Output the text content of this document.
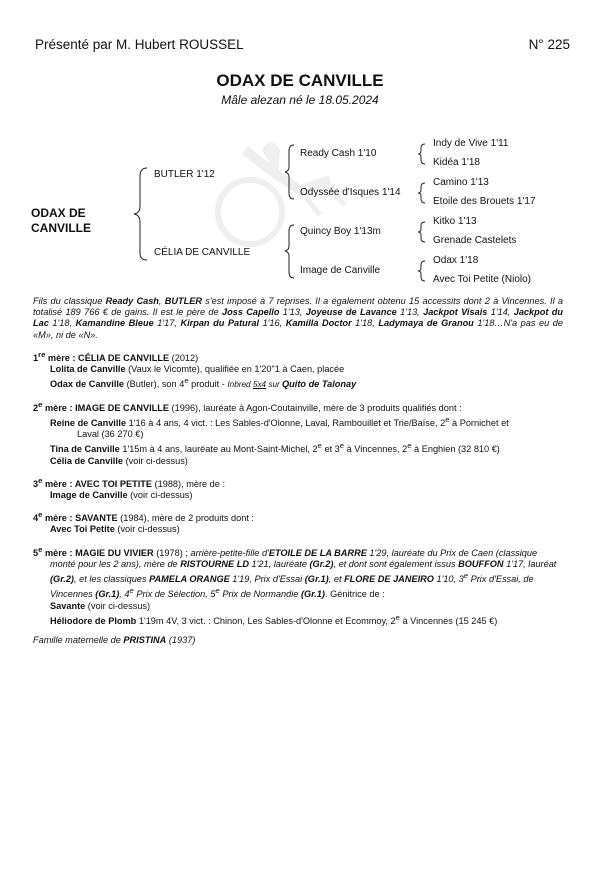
Présenté par M. Hubert ROUSSEL	N° 225
ODAX DE CANVILLE
Mâle alezan né le 18.05.2024
ODAX DE
CANVILLE
BUTLER 1'12
CÉLIA DE CANVILLE
Ready Cash 1'10
Odyssée d'Isques 1'14
Quincy Boy 1'13m
Image de Canville
Indy de Vive 1'11
Kidéa 1'18
Camino 1'13
Etoile des Brouets 1'17
Kitko 1'13
Grenade Castelets
Odax 1'18
Avec Toi Petite (Niolo)

Fils du classique Ready Cash, BUTLER s'est imposé à 7 reprises. Il a également obtenu 15 accessits dont 2 à Vincennes. Il a totalisé 189 766 € de gains. Il est le père de Joss Capello 1'13, Joyeuse de Lavance 1'13, Jackpot Visais 1'14, Jackpot du Lac 1'18, Kamandine Bleue 1'17, Kirpan du Patural 1'16, Kamilla Doctor 1'18, Ladymaya de Granou 1'18…N'a pas eu de «M», ni de «N».

1re mère : CÉLIA DE CANVILLE (2012)

Lolita de Canville (Vaux le Vicomte), qualifiée en 1'20"1 à Caen, placée

Odax de Canville (Butler), son 4e produit - Inbred 5x4 sur Quito de Talonay

2e mère : IMAGE DE CANVILLE (1996), lauréate à Agon-Coutainville, mère de 3 produits qualifiés dont :

Reine de Canville 1'16 à 4 ans, 4 vict. : Les Sables-d'Olonne, Laval, Rambouillet et Trie/Baïse, 2e à Pornichet et

Laval (36 270 €)

Tina de Canville 1'15m à 4 ans, lauréate au Mont-Saint-Michel, 2e et 3e à Vincennes, 2e à Enghien (32 810 €)

Célia de Canville (voir ci-dessus)

3e mère : AVEC TOI PETITE (1988), mère de :

Image de Canville (voir ci-dessus)

4e mère : SAVANTE (1984), mère de 2 produits dont :

Avec Toi Petite (voir ci-dessus)

5e mère : MAGIE DU VIVIER (1978) ; arrière-petite-fille d'ETOILE DE LA BARRE 1'29, lauréate du Prix de Caen (classique monté pour les 2 ans), mère de RISTOURNE LD 1'21, lauréate (Gr.2), et dont sont également issus BOUFFON 1'17, lauréat (Gr.2), et les classiques PAMELA ORANGE 1'19, Prix d'Essai (Gr.1), et FLORE DE JANEIRO 1'10, 3e Prix d'Essai, de Vincennes (Gr.1), 4e Prix de Sélection, 5e Prix de Normandie (Gr.1). Génitrice de :

Savante (voir ci-dessus)

Héliodore de Plomb 1'19m 4V, 3 vict. : Chinon, Les Sables-d'Olonne et Ecommoy, 2e à Vincennes (15 245 €)

Famille maternelle de PRISTINA (1937)
